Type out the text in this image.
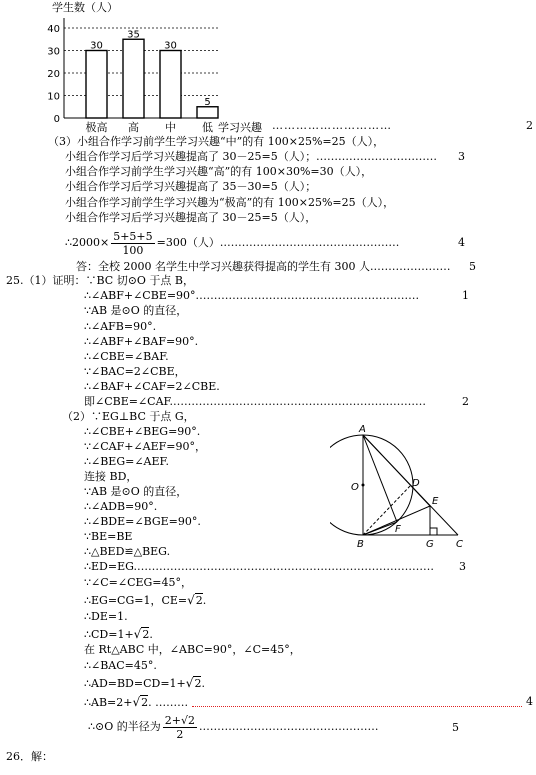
学生数（人）
30
35
30
5
0
10
20
30
40
极高 高 中 低 学习兴趣 …………………………	2
（3）小组合作学习前学生学习兴趣“中”的有 100×25%=25（人），
小组合作学习后学习兴趣提高了 30－25=5（人）； …………………………… 3
小组合作学习前学生学习兴趣“高”的有 100×30%=30（人），
小组合作学习后学习兴趣提高了 35－30=5（人）；
小组合作学习前学生学习兴趣为“极高”的有 100×25%=25（人），
小组合作学习后学习兴趣提高了 30－25=5（人），
∴2000× $\frac{5+5+5}{100} =300$（人）. …………………………………………	4
答：全校 2000 名学生中学习兴趣获得提高的学生有 300 人.………………… 5
25.（1）证明：∵BC 切⊙O 于点 B，
∴∠ABF+∠CBE=90°.……………………………………………………	1
∵AB 是⊙O 的直径，
∴∠AFB=90°.
∴∠ABF+∠BAF=90°.
∴∠CBE=∠BAF.
∵∠BAC=2∠CBE，
∴∠BAF+∠CAF=2∠CBE.
即∠CBE=∠CAF.……………………………………………………………	2
（2）∵EG⊥BC 于点 G，
∴∠CBE+∠BEG=90°.
∵∠CAF+∠AEF=90°，
∴∠BEG=∠AEF.
连接 BD，
∵AB 是⊙O 的直径，
∴∠ADB=90°.
∴∠BDE=∠BGE=90°.
∵BE=BE
∴△BED≌△BEG.
∴ED=EG.……………………………………………………………………… 3
∵∠C=∠CEG=45°，
∴EG=CG=1，CE=√2.
∴DE=1.
∴CD=1+√2.
在 Rt△ABC 中，∠ABC=90°，∠C=45°，
∴∠BAC=45°.
∴AD=BD=CD=1+√2.
∴AB=2+√2. ………	4
∴⊙O 的半径为 $\frac{2+√2}{2}$ . …………………………………………	5
26．解：
A
O	D
E
F
B	G C
